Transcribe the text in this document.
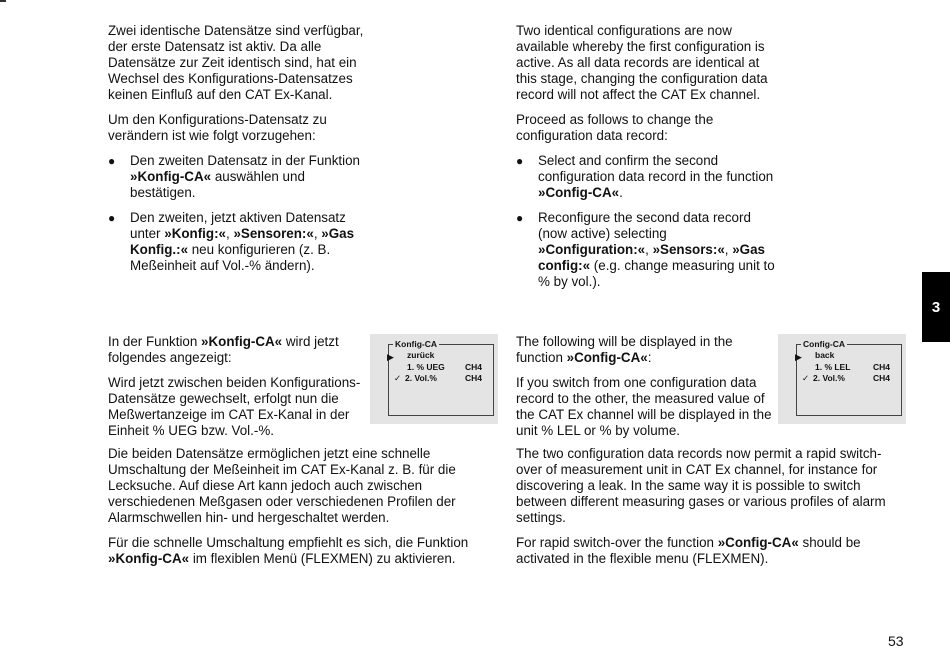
Zwei identische Datensätze sind verfügbar, der erste Datensatz ist aktiv. Da alle Datensätze zur Zeit identisch sind, hat ein Wechsel des Konfigurations-Datensatzes keinen Einfluß auf den CAT Ex-Kanal.

Um den Konfigurations-Datensatz zu verändern ist wie folgt vorzugehen:

● Den zweiten Datensatz in der Funktion »Konfig-CA« auswählen und bestätigen.
● Den zweiten, jetzt aktiven Datensatz unter »Konfig:«, »Sensoren:«, »Gas Konfig.:« neu konfigurieren (z. B. Meßeinheit auf Vol.-% ändern).

Two identical configurations are now available whereby the first configuration is active. As all data records are identical at this stage, changing the configuration data record will not affect the CAT Ex channel.

Proceed as follows to change the configuration data record:

● Select and confirm the second configuration data record in the function »Config-CA«.
● Reconfigure the second data record (now active) selecting »Configuration:«, »Sensors:«, »Gas config:« (e.g. change measuring unit to % by vol.).

In der Funktion »Konfig-CA« wird jetzt folgendes angezeigt:

Wird jetzt zwischen beiden Konfigurations-Datensätze gewechselt, erfolgt nun die Meßwertanzeige im CAT Ex-Kanal in der Einheit % UEG bzw. Vol.-%.

Konfig-CA
▶ zurück
1. % UEG CH4
✓ 2. Vol.%	CH4

Die beiden Datensätze ermöglichen jetzt eine schnelle Umschaltung der Meßeinheit im CAT Ex-Kanal z. B. für die Lecksuche. Auf diese Art kann jedoch auch zwischen verschiedenen Meßgasen oder verschiedenen Profilen der Alarmschwellen hin- und hergeschaltet werden.

Für die schnelle Umschaltung empfiehlt es sich, die Funktion »Konfig-CA« im flexiblen Menü (FLEXMEN) zu aktivieren.

The following will be displayed in the function »Config-CA«:

If you switch from one configuration data record to the other, the measured value of the CAT Ex channel will be displayed in the unit % LEL or % by volume.

Config-CA
▶ back
1. % LEL	CH4
✓ 2. Vol.%	CH4

The two configuration data records now permit a rapid switch-over of measurement unit in CAT Ex channel, for instance for discovering a leak. In the same way it is possible to switch between different measuring gases or various profiles of alarm settings.

For rapid switch-over the function »Config-CA« should be activated in the flexible menu (FLEXMEN).

3
53
